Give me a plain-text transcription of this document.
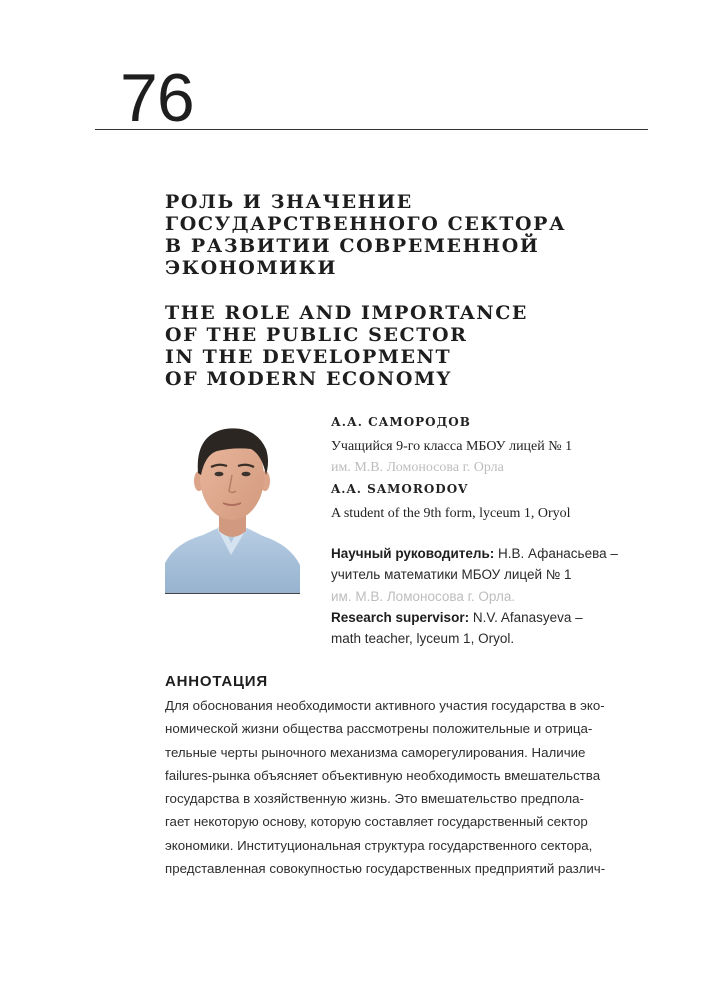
76
РОЛЬ И ЗНАЧЕНИЕ
ГОСУДАРСТВЕННОГО СЕКТОРА
В РАЗВИТИИ СОВРЕМЕННОЙ
ЭКОНОМИКИ
THE ROLE AND IMPORTANCE
OF THE PUBLIC SECTOR
IN THE DEVELOPMENT
OF MODERN ECONOMY
А.А. САМОРОДОВ
Учащийся 9-го класса МБОУ лицей № 1
им. М.В. Ломоносова г. Орла
A.A. SAMORODOV
A student of the 9th form, lyceum 1, Oryol
Научный руководитель: Н.В. Афанасьева –
учитель математики МБОУ лицей № 1
им. М.В. Ломоносова г. Орла.
Research supervisor: N.V. Afanasyeva –
math teacher, lyceum 1, Oryol.
АННОТАЦИЯ

Для обоснования необходимости активного участия государства в эко-
номической жизни общества рассмотрены положительные и отрица-
тельные черты рыночного механизма саморегулирования. Наличие
failures-рынка объясняет объективную необходимость вмешательства
государства в хозяйственную жизнь. Это вмешательство предпола-
гает некоторую основу, которую составляет государственный сектор
экономики. Институциональная структура государственного сектора,
представленная совокупностью государственных предприятий различ-
